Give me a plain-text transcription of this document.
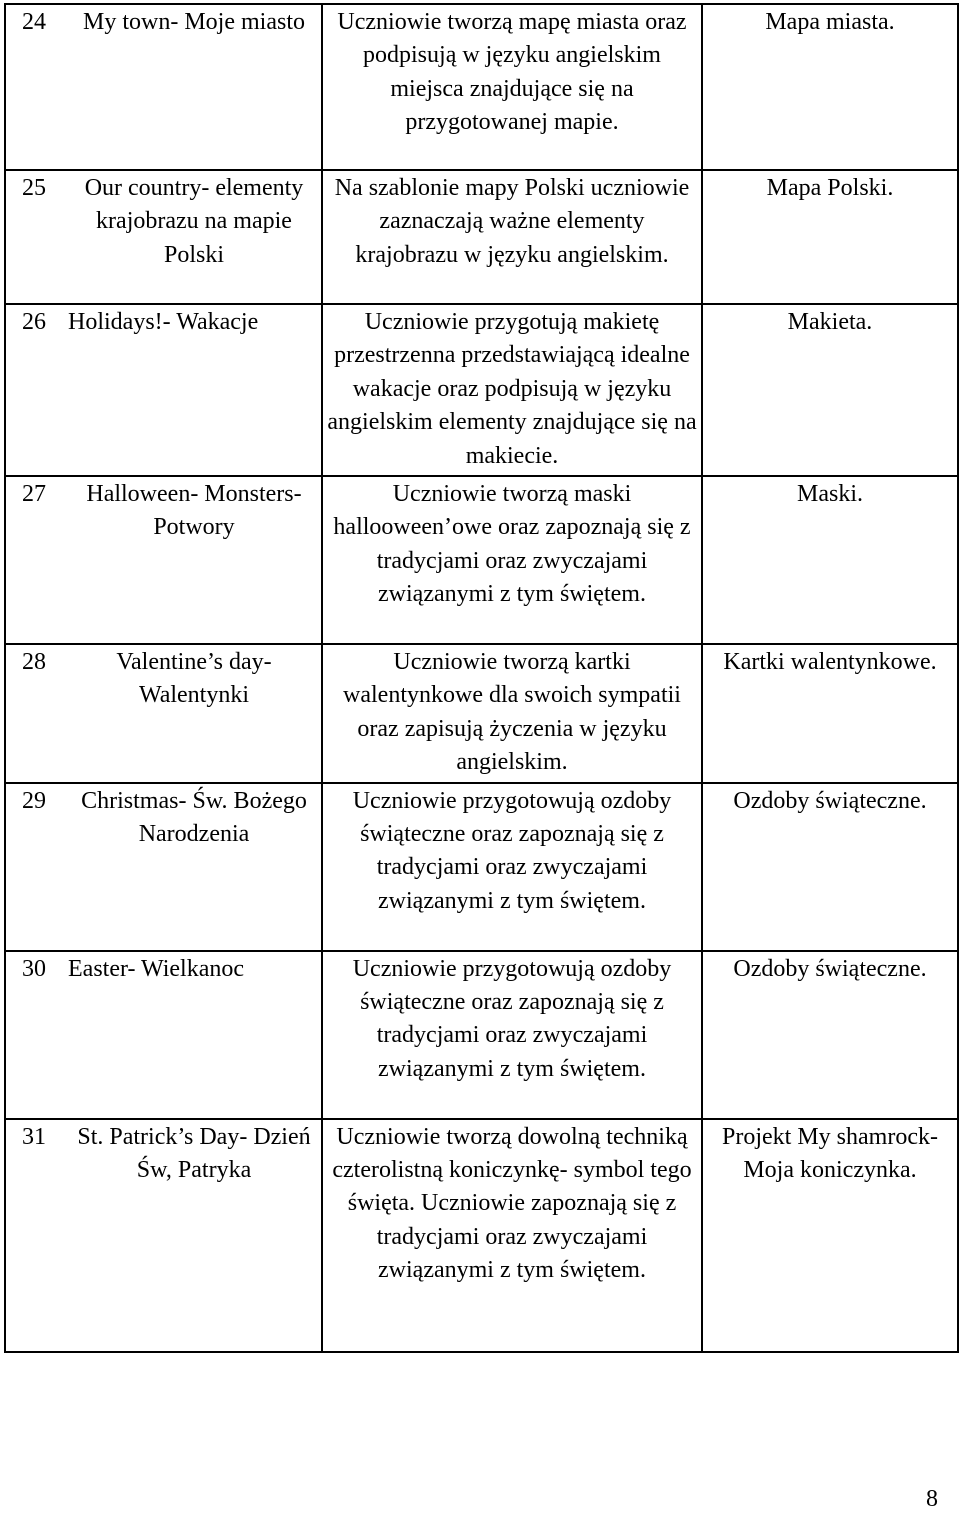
24	My town- Moje miasto	Uczniowie tworzą mapę miasta oraz podpisują w języku angielskim miejsca znajdujące się na przygotowanej mapie.	Mapa miasta.
25	Our country- elementy krajobrazu na mapie Polski	Na szablonie mapy Polski uczniowie zaznaczają ważne elementy krajobrazu w języku angielskim.	Mapa Polski.
26 Holidays!- Wakacje		Uczniowie przygotują makietę przestrzenna przedstawiającą idealne wakacje oraz podpisują w języku angielskim elementy znajdujące się na makiecie.	Makieta.
27	Halloween- Monsters- Potwory	Uczniowie tworzą maski hallooween’owe oraz zapoznają się z tradycjami oraz zwyczajami związanymi z tym świętem.	Maski.
28	Valentine’s day- Walentynki	Uczniowie tworzą kartki walentynkowe dla swoich sympatii oraz zapisują życzenia w języku angielskim.	Kartki walentynkowe.
29	Christmas- Św. Bożego Narodzenia	Uczniowie przygotowują ozdoby świąteczne oraz zapoznają się z tradycjami oraz zwyczajami związanymi z tym świętem.	Ozdoby świąteczne.
30 Easter- Wielkanoc		Uczniowie przygotowują ozdoby świąteczne oraz zapoznają się z tradycjami oraz zwyczajami związanymi z tym świętem.	Ozdoby świąteczne.
31	St. Patrick’s Day- Dzień Św, Patryka	Uczniowie tworzą dowolną techniką czterolistną koniczynkę- symbol tego święta. Uczniowie zapoznają się z tradycjami oraz zwyczajami związanymi z tym świętem.	Projekt My shamrock- Moja koniczynka.
8
